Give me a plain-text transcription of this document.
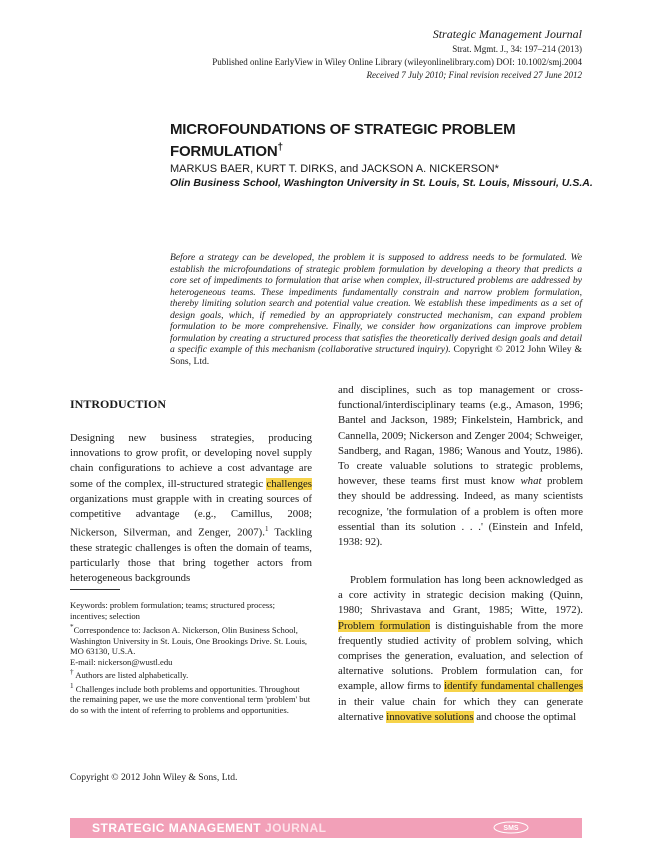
Strategic Management Journal
Strat. Mgmt. J., 34: 197–214 (2013)
Published online EarlyView in Wiley Online Library (wileyonlinelibrary.com) DOI: 10.1002/smj.2004
Received 7 July 2010; Final revision received 27 June 2012
MICROFOUNDATIONS OF STRATEGIC PROBLEM
FORMULATION†
MARKUS BAER, KURT T. DIRKS, and JACKSON A. NICKERSON*
Olin Business School, Washington University in St. Louis, St. Louis, Missouri, U.S.A.
Before a strategy can be developed, the problem it is supposed to address needs to be formulated. We establish the microfoundations of strategic problem formulation by developing a theory that predicts a core set of impediments to formulation that arise when complex, ill-structured problems are addressed by heterogeneous teams. These impediments fundamentally constrain and narrow problem formulation, thereby limiting solution search and potential value creation. We establish these impediments as a set of design goals, which, if remedied by an appropriately constructed mechanism, can expand problem formulation to be more comprehensive. Finally, we consider how organizations can improve problem formulation by creating a structured process that satisfies the theoretically derived design goals and detail a specific example of this mechanism (collaborative structured inquiry). Copyright © 2012 John Wiley & Sons, Ltd.
INTRODUCTION
Designing new business strategies, producing innovations to grow profit, or developing novel supply chain configurations to achieve a cost advantage are some of the complex, ill-structured strategic challenges organizations must grapple with in creating sources of competitive advantage (e.g., Camillus, 2008; Nickerson, Silverman, and Zenger, 2007).$^1$ Tackling these strategic challenges is often the domain of teams, particularly those that bring together actors from heterogeneous backgrounds
Keywords: problem formulation; teams; structured process; incentives; selection
*Correspondence to: Jackson A. Nickerson, Olin Business School, Washington University in St. Louis, One Brookings Drive. St. Louis, MO 63130, U.S.A.
E-mail: nickerson@wustl.edu
† Authors are listed alphabetically.
$^1$ Challenges include both problems and opportunities. Throughout the remaining paper, we use the more conventional term 'problem' but do so with the intent of referring to problems and opportunities.
and disciplines, such as top management or cross-functional/interdisciplinary teams (e.g., Amason, 1996; Bantel and Jackson, 1989; Finkelstein, Hambrick, and Cannella, 2009; Nickerson and Zenger 2004; Schweiger, Sandberg, and Ragan, 1986; Wanous and Youtz, 1986). To create valuable solutions to strategic problems, however, these teams first must know what problem they should be addressing. Indeed, as many scientists recognize, 'the formulation of a problem is often more essential than its solution . . .' (Einstein and Infeld, 1938: 92).
Problem formulation has long been acknowledged as a core activity in strategic decision making (Quinn, 1980; Shrivastava and Grant, 1985; Witte, 1972). Problem formulation is distinguishable from the more frequently studied activity of problem solving, which comprises the generation, evaluation, and selection of alternative solutions. Problem formulation can, for example, allow firms to identify fundamental challenges in their value chain for which they can generate alternative innovative solutions and choose the optimal
Copyright © 2012 John Wiley & Sons, Ltd.
STRATEGIC MANAGEMENT JOURNAL	SMS
